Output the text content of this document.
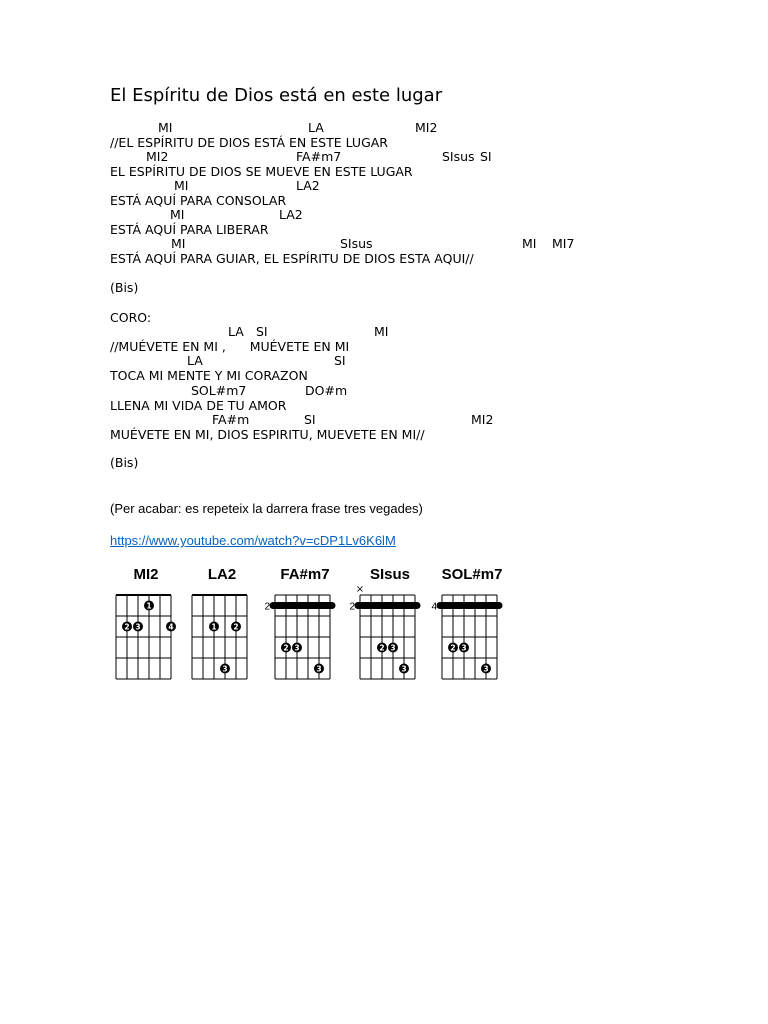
El Espíritu de Dios está en este lugar

MI

	LA

	MI2

//EL ESPÍRITU DE DIOS ESTÁ EN ESTE LUGAR

MI2

	FA#m7

	SIsus

SI

EL ESPÍRITU DE DIOS SE MUEVE EN ESTE LUGAR

MI

	LA2

ESTÁ AQUÍ PARA CONSOLAR

MI

	LA2

ESTÁ AQUÍ PARA LIBERAR

MI

	SIsus

	MI

MI7

ESTÁ AQUÍ PARA GUIAR, EL ESPÍRITU DE DIOS ESTA AQUI//
(Bis)
CORO:

LA

SI

	MI

//MUÉVETE EN MI ,      MUÉVETE EN MI

LA

	SI

TOCA MI MENTE Y MI CORAZON

SOL#m7

	DO#m

LLENA MI VIDA DE TU AMOR

FA#m

	SI

	MI2

MUÉVETE EN MI, DIOS ESPIRITU, MUEVETE EN MI//
(Bis)
(Per acabar: es repeteix la darrera frase tres vegades)
https://www.youtube.com/watch?v=cDP1Lv6K6lM
MI2
1
2 3	4
LA2
1 2
3
FA#m7
2
2 3
3
SIsus
2
×
2 3
3
SOL#m7
4
2 3
3
